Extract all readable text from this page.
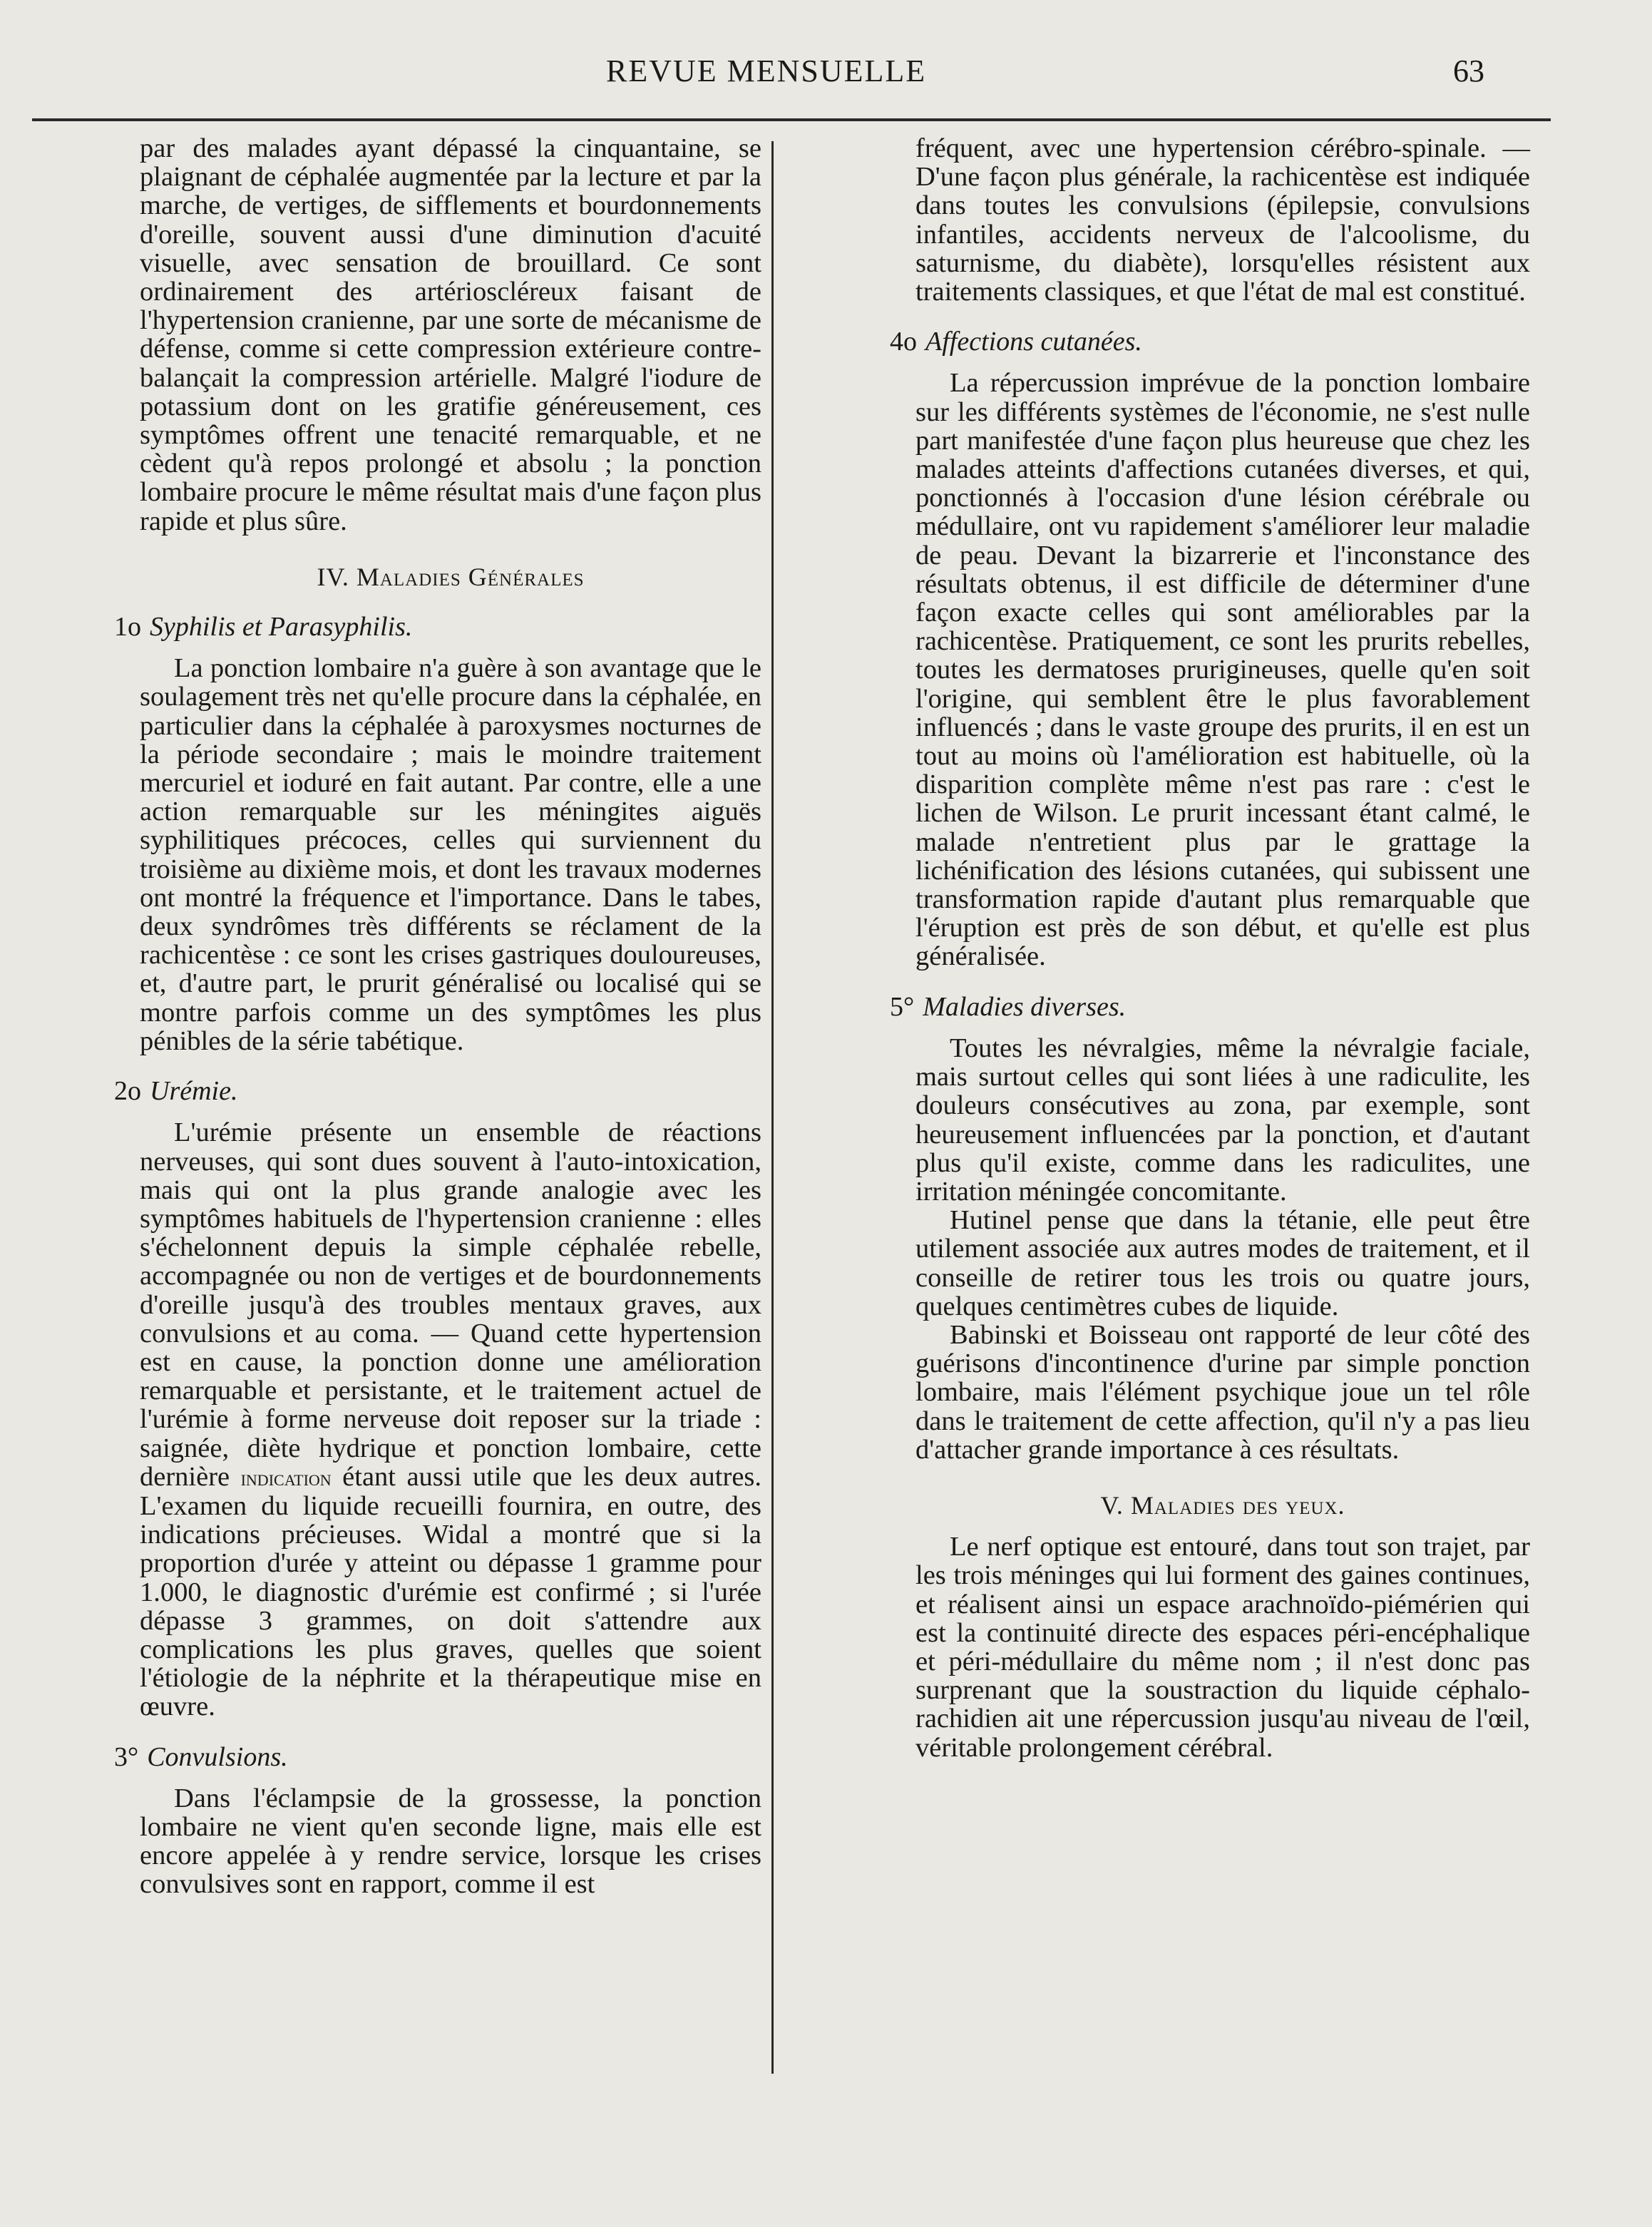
REVUE MENSUELLE	63

par des malades ayant dépassé la cinquantaine, se plaignant de céphalée augmentée par la lecture et par la marche, de vertiges, de sifflements et bourdonnements d'oreille, souvent aussi d'une diminution d'acuité visuelle, avec sensation de brouillard. Ce sont ordinairement des artérioscléreux faisant de l'hypertension cranienne, par une sorte de mécanisme de défense, comme si cette compression extérieure contre-balançait la compression artérielle. Malgré l'iodure de potassium dont on les gratifie généreusement, ces symptômes offrent une tenacité remarquable, et ne cèdent qu'à repos prolongé et absolu ; la ponction lombaire procure le même résultat mais d'une façon plus rapide et plus sûre.

IV. Maladies Générales
1o Syphilis et Parasyphilis.

La ponction lombaire n'a guère à son avantage que le soulagement très net qu'elle procure dans la céphalée, en particulier dans la céphalée à paroxysmes nocturnes de la période secondaire ; mais le moindre traitement mercuriel et ioduré en fait autant. Par contre, elle a une action remarquable sur les méningites aiguës syphilitiques précoces, celles qui surviennent du troisième au dixième mois, et dont les travaux modernes ont montré la fréquence et l'importance. Dans le tabes, deux syndrômes très différents se réclament de la rachicentèse : ce sont les crises gastriques douloureuses, et, d'autre part, le prurit généralisé ou localisé qui se montre parfois comme un des symptômes les plus pénibles de la série tabétique.

2o Urémie.

L'urémie présente un ensemble de réactions nerveuses, qui sont dues souvent à l'auto-intoxication, mais qui ont la plus grande analogie avec les symptômes habituels de l'hypertension cranienne : elles s'échelonnent depuis la simple céphalée rebelle, accompagnée ou non de vertiges et de bourdonnements d'oreille jusqu'à des troubles mentaux graves, aux convulsions et au coma. — Quand cette hypertension est en cause, la ponction donne une amélioration remarquable et persistante, et le traitement actuel de l'urémie à forme nerveuse doit reposer sur la triade : saignée, diète hydrique et ponction lombaire, cette dernière indication étant aussi utile que les deux autres. L'examen du liquide recueilli fournira, en outre, des indications précieuses. Widal a montré que si la proportion d'urée y atteint ou dépasse 1 gramme pour 1.000, le diagnostic d'urémie est confirmé ; si l'urée dépasse 3 grammes, on doit s'attendre aux complications les plus graves, quelles que soient l'étiologie de la néphrite et la thérapeutique mise en œuvre.

3° Convulsions.

Dans l'éclampsie de la grossesse, la ponction lombaire ne vient qu'en seconde ligne, mais elle est encore appelée à y rendre service, lorsque les crises convulsives sont en rapport, comme il est

fréquent, avec une hypertension cérébro-spinale. —D'une façon plus générale, la rachicentèse est indiquée dans toutes les convulsions (épilepsie, convulsions infantiles, accidents nerveux de l'alcoolisme, du saturnisme, du diabète), lorsqu'elles résistent aux traitements classiques, et que l'état de mal est constitué.

4o Affections cutanées.

La répercussion imprévue de la ponction lombaire sur les différents systèmes de l'économie, ne s'est nulle part manifestée d'une façon plus heureuse que chez les malades atteints d'affections cutanées diverses, et qui, ponctionnés à l'occasion d'une lésion cérébrale ou médullaire, ont vu rapidement s'améliorer leur maladie de peau. Devant la bizarrerie et l'inconstance des résultats obtenus, il est difficile de déterminer d'une façon exacte celles qui sont améliorables par la rachicentèse. Pratiquement, ce sont les prurits rebelles, toutes les dermatoses prurigineuses, quelle qu'en soit l'origine, qui semblent être le plus favorablement influencés ; dans le vaste groupe des prurits, il en est un tout au moins où l'amélioration est habituelle, où la disparition complète même n'est pas rare : c'est le lichen de Wilson. Le prurit incessant étant calmé, le malade n'entretient plus par le grattage la lichénification des lésions cutanées, qui subissent une transformation rapide d'autant plus remarquable que l'éruption est près de son début, et qu'elle est plus généralisée.

5° Maladies diverses.

Toutes les névralgies, même la névralgie faciale, mais surtout celles qui sont liées à une radiculite, les douleurs consécutives au zona, par exemple, sont heureusement influencées par la ponction, et d'autant plus qu'il existe, comme dans les radiculites, une irritation méningée concomitante.

Hutinel pense que dans la tétanie, elle peut être utilement associée aux autres modes de traitement, et il conseille de retirer tous les trois ou quatre jours, quelques centimètres cubes de liquide.

Babinski et Boisseau ont rapporté de leur côté des guérisons d'incontinence d'urine par simple ponction lombaire, mais l'élément psychique joue un tel rôle dans le traitement de cette affection, qu'il n'y a pas lieu d'attacher grande importance à ces résultats.

V. Maladies des yeux.

Le nerf optique est entouré, dans tout son trajet, par les trois méninges qui lui forment des gaines continues, et réalisent ainsi un espace arachnoïdo-piémérien qui est la continuité directe des espaces péri-encéphalique et péri-médullaire du même nom ; il n'est donc pas surprenant que la soustraction du liquide céphalo-rachidien ait une répercussion jusqu'au niveau de l'œil, véritable prolongement cérébral.
